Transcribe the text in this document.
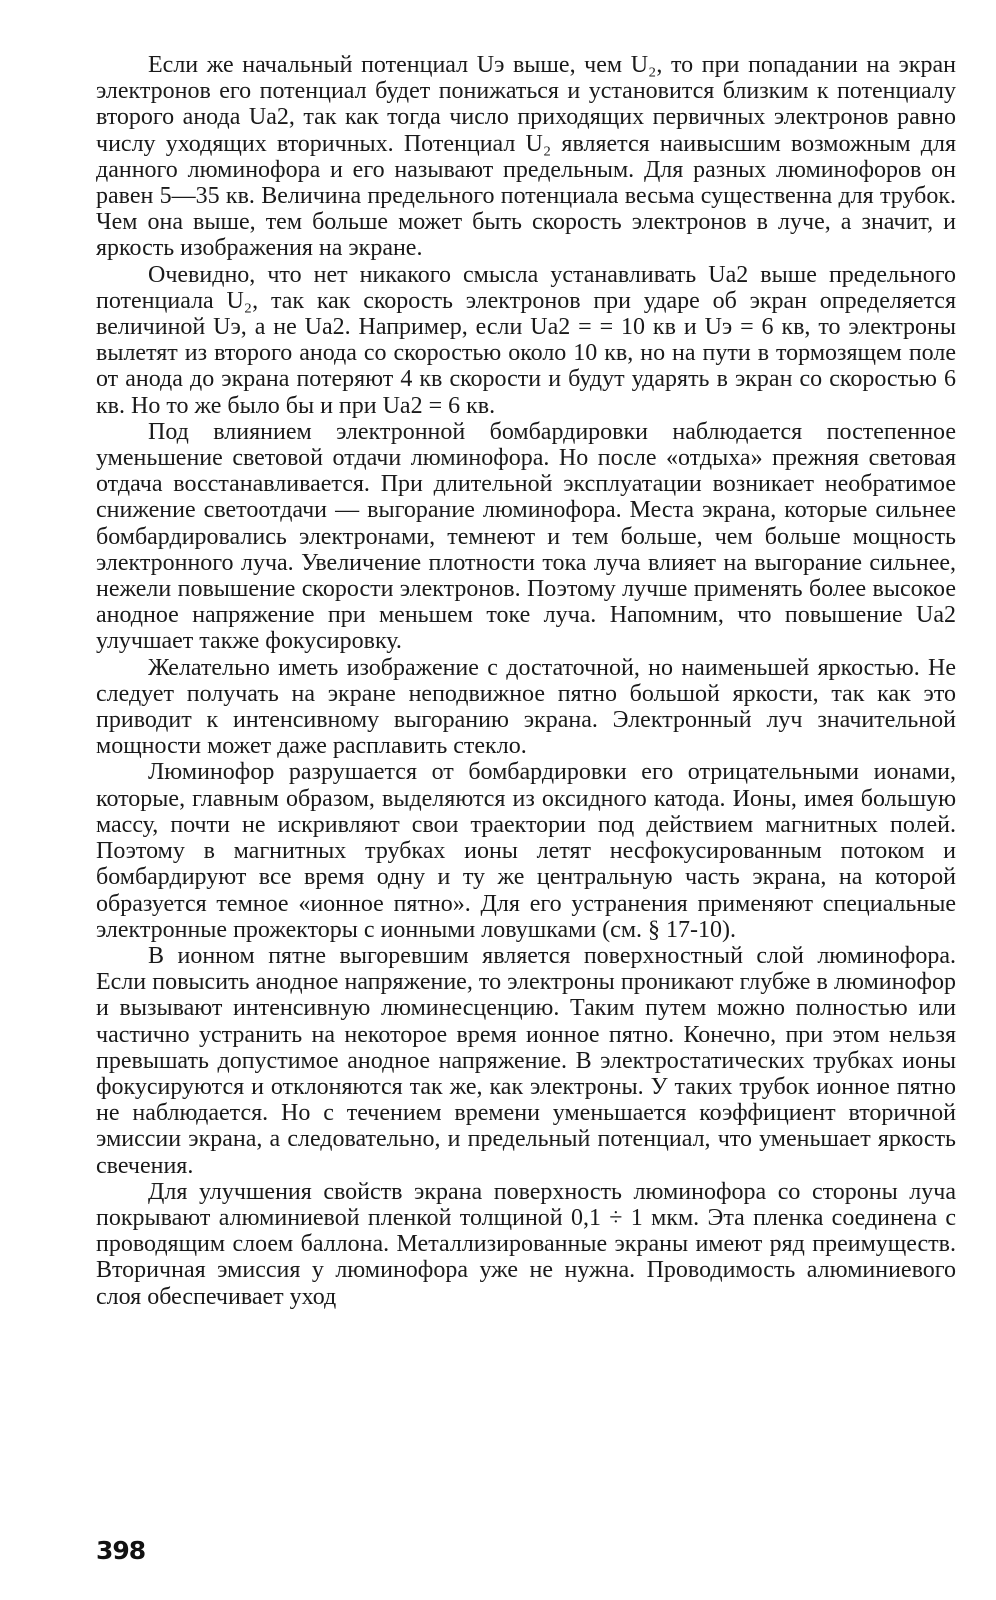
Если же начальный потенциал Uэ выше, чем U₂, то при попадании на экран электронов его потенциал будет понижаться и установится близким к потенциалу второго анода Uа2, так как тогда число приходящих первичных электронов равно числу уходящих вторичных. Потенциал U₂ является наивысшим возможным для данного люминофора и его называют предельным. Для разных люминофоров он равен 5—35 кв. Величина предельного потенциала весьма существенна для трубок. Чем она выше, тем больше может быть скорость электронов в луче, а значит, и яркость изображения на экране.

Очевидно, что нет никакого смысла устанавливать Uа2 выше предельного потенциала U₂, так как скорость электронов при ударе об экран определяется величиной Uэ, а не Uа2. Например, если Uа2 = = 10 кв и Uэ = 6 кв, то электроны вылетят из второго анода со скоростью около 10 кв, но на пути в тормозящем поле от анода до экрана потеряют 4 кв скорости и будут ударять в экран со скоростью 6 кв. Но то же было бы и при Uа2 = 6 кв.

Под влиянием электронной бомбардировки наблюдается постепенное уменьшение световой отдачи люминофора. Но после «отдыха» прежняя световая отдача восстанавливается. При длительной эксплуатации возникает необратимое снижение светоотдачи — выгорание люминофора. Места экрана, которые сильнее бомбардировались электронами, темнеют и тем больше, чем больше мощность электронного луча. Увеличение плотности тока луча влияет на выгорание сильнее, нежели повышение скорости электронов. Поэтому лучше применять более высокое анодное напряжение при меньшем токе луча. Напомним, что повышение Uа2 улучшает также фокусировку.

Желательно иметь изображение с достаточной, но наименьшей яркостью. Не следует получать на экране неподвижное пятно большой яркости, так как это приводит к интенсивному выгоранию экрана. Электронный луч значительной мощности может даже расплавить стекло.

Люминофор разрушается от бомбардировки его отрицательными ионами, которые, главным образом, выделяются из оксидного катода. Ионы, имея большую массу, почти не искривляют свои траектории под действием магнитных полей. Поэтому в магнитных трубках ионы летят несфокусированным потоком и бомбардируют все время одну и ту же центральную часть экрана, на которой образуется темное «ионное пятно». Для его устранения применяют специальные электронные прожекторы с ионными ловушками (см. § 17-10).

В ионном пятне выгоревшим является поверхностный слой люминофора. Если повысить анодное напряжение, то электроны проникают глубже в люминофор и вызывают интенсивную люминесценцию. Таким путем можно полностью или частично устранить на некоторое время ионное пятно. Конечно, при этом нельзя превышать допустимое анодное напряжение. В электростатических трубках ионы фокусируются и отклоняются так же, как электроны. У таких трубок ионное пятно не наблюдается. Но с течением времени уменьшается коэффициент вторичной эмиссии экрана, а следовательно, и предельный потенциал, что уменьшает яркость свечения.

Для улучшения свойств экрана поверхность люминофора со стороны луча покрывают алюминиевой пленкой толщиной 0,1 ÷ 1 мкм. Эта пленка соединена с проводящим слоем баллона. Металлизированные экраны имеют ряд преимуществ. Вторичная эмиссия у люминофора уже не нужна. Проводимость алюминиевого слоя обеспечивает уход

398
